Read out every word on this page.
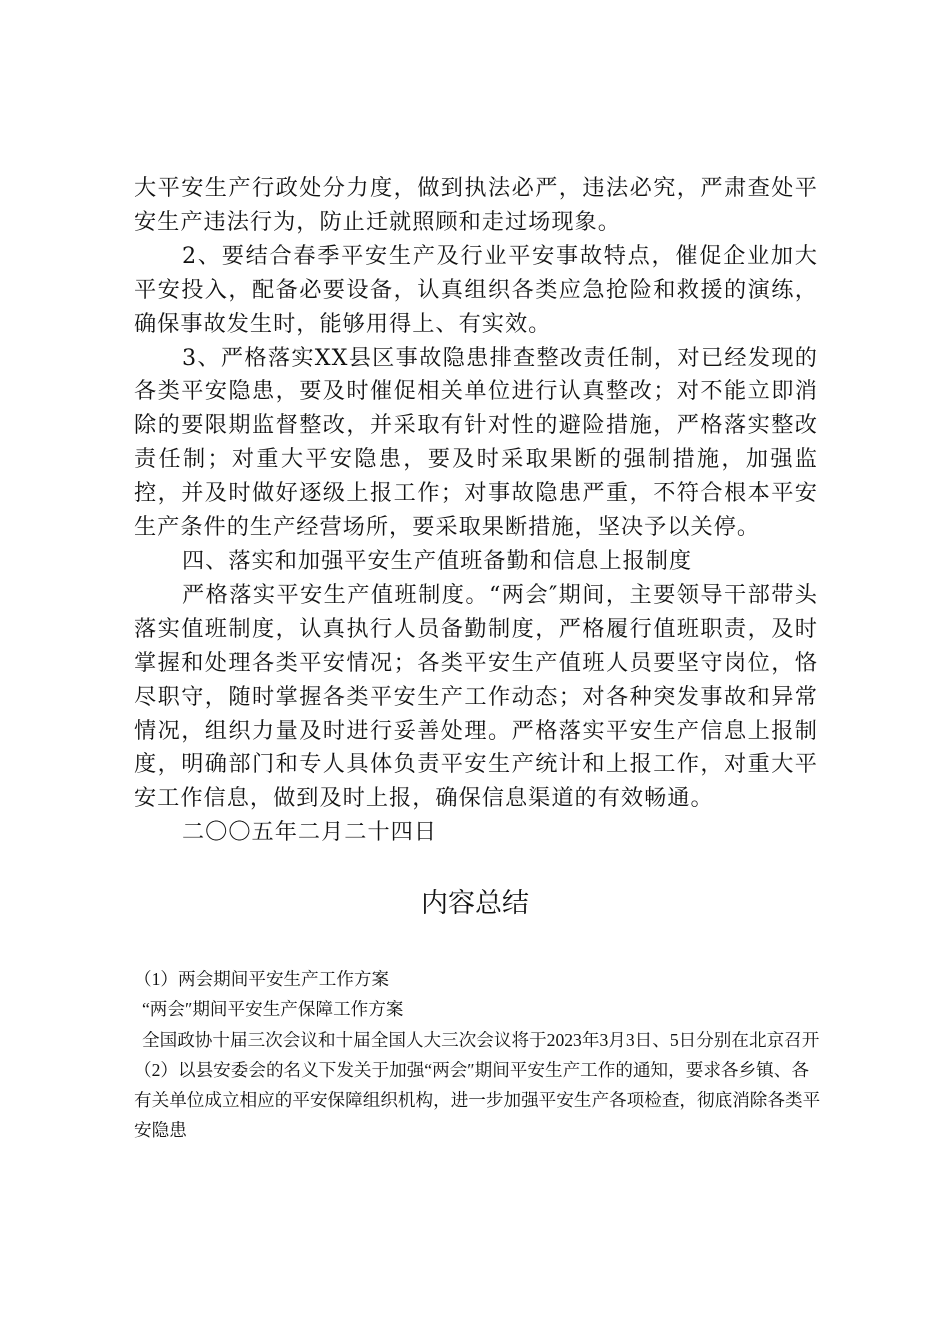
大平安生产行政处分力度，做到执法必严，违法必究，严肃查处平安生产违法行为，防止迁就照顾和走过场现象。

2、要结合春季平安生产及行业平安事故特点，催促企业加大平安投入，配备必要设备，认真组织各类应急抢险和救援的演练，确保事故发生时，能够用得上、有实效。

3、严格落实XX县区事故隐患排查整改责任制，对已经发现的各类平安隐患，要及时催促相关单位进行认真整改；对不能立即消除的要限期监督整改，并采取有针对性的避险措施，严格落实整改责任制；对重大平安隐患，要及时采取果断的强制措施，加强监控，并及时做好逐级上报工作；对事故隐患严重，不符合根本平安生产条件的生产经营场所，要采取果断措施，坚决予以关停。

四、落实和加强平安生产值班备勤和信息上报制度

严格落实平安生产值班制度。“两会″期间，主要领导干部带头落实值班制度，认真执行人员备勤制度，严格履行值班职责，及时掌握和处理各类平安情况；各类平安生产值班人员要坚守岗位，恪尽职守，随时掌握各类平安生产工作动态；对各种突发事故和异常情况，组织力量及时进行妥善处理。严格落实平安生产信息上报制度，明确部门和专人具体负责平安生产统计和上报工作，对重大平安工作信息，做到及时上报，确保信息渠道的有效畅通。

二〇〇五年二月二十四日

内容总结

（1）两会期间平安生产工作方案

“两会″期间平安生产保障工作方案

全国政协十届三次会议和十届全国人大三次会议将于2023年3月3日、5日分别在北京召开

（2）以县安委会的名义下发关于加强“两会″期间平安生产工作的通知，要求各乡镇、各有关单位成立相应的平安保障组织机构，进一步加强平安生产各项检查，彻底消除各类平安隐患
